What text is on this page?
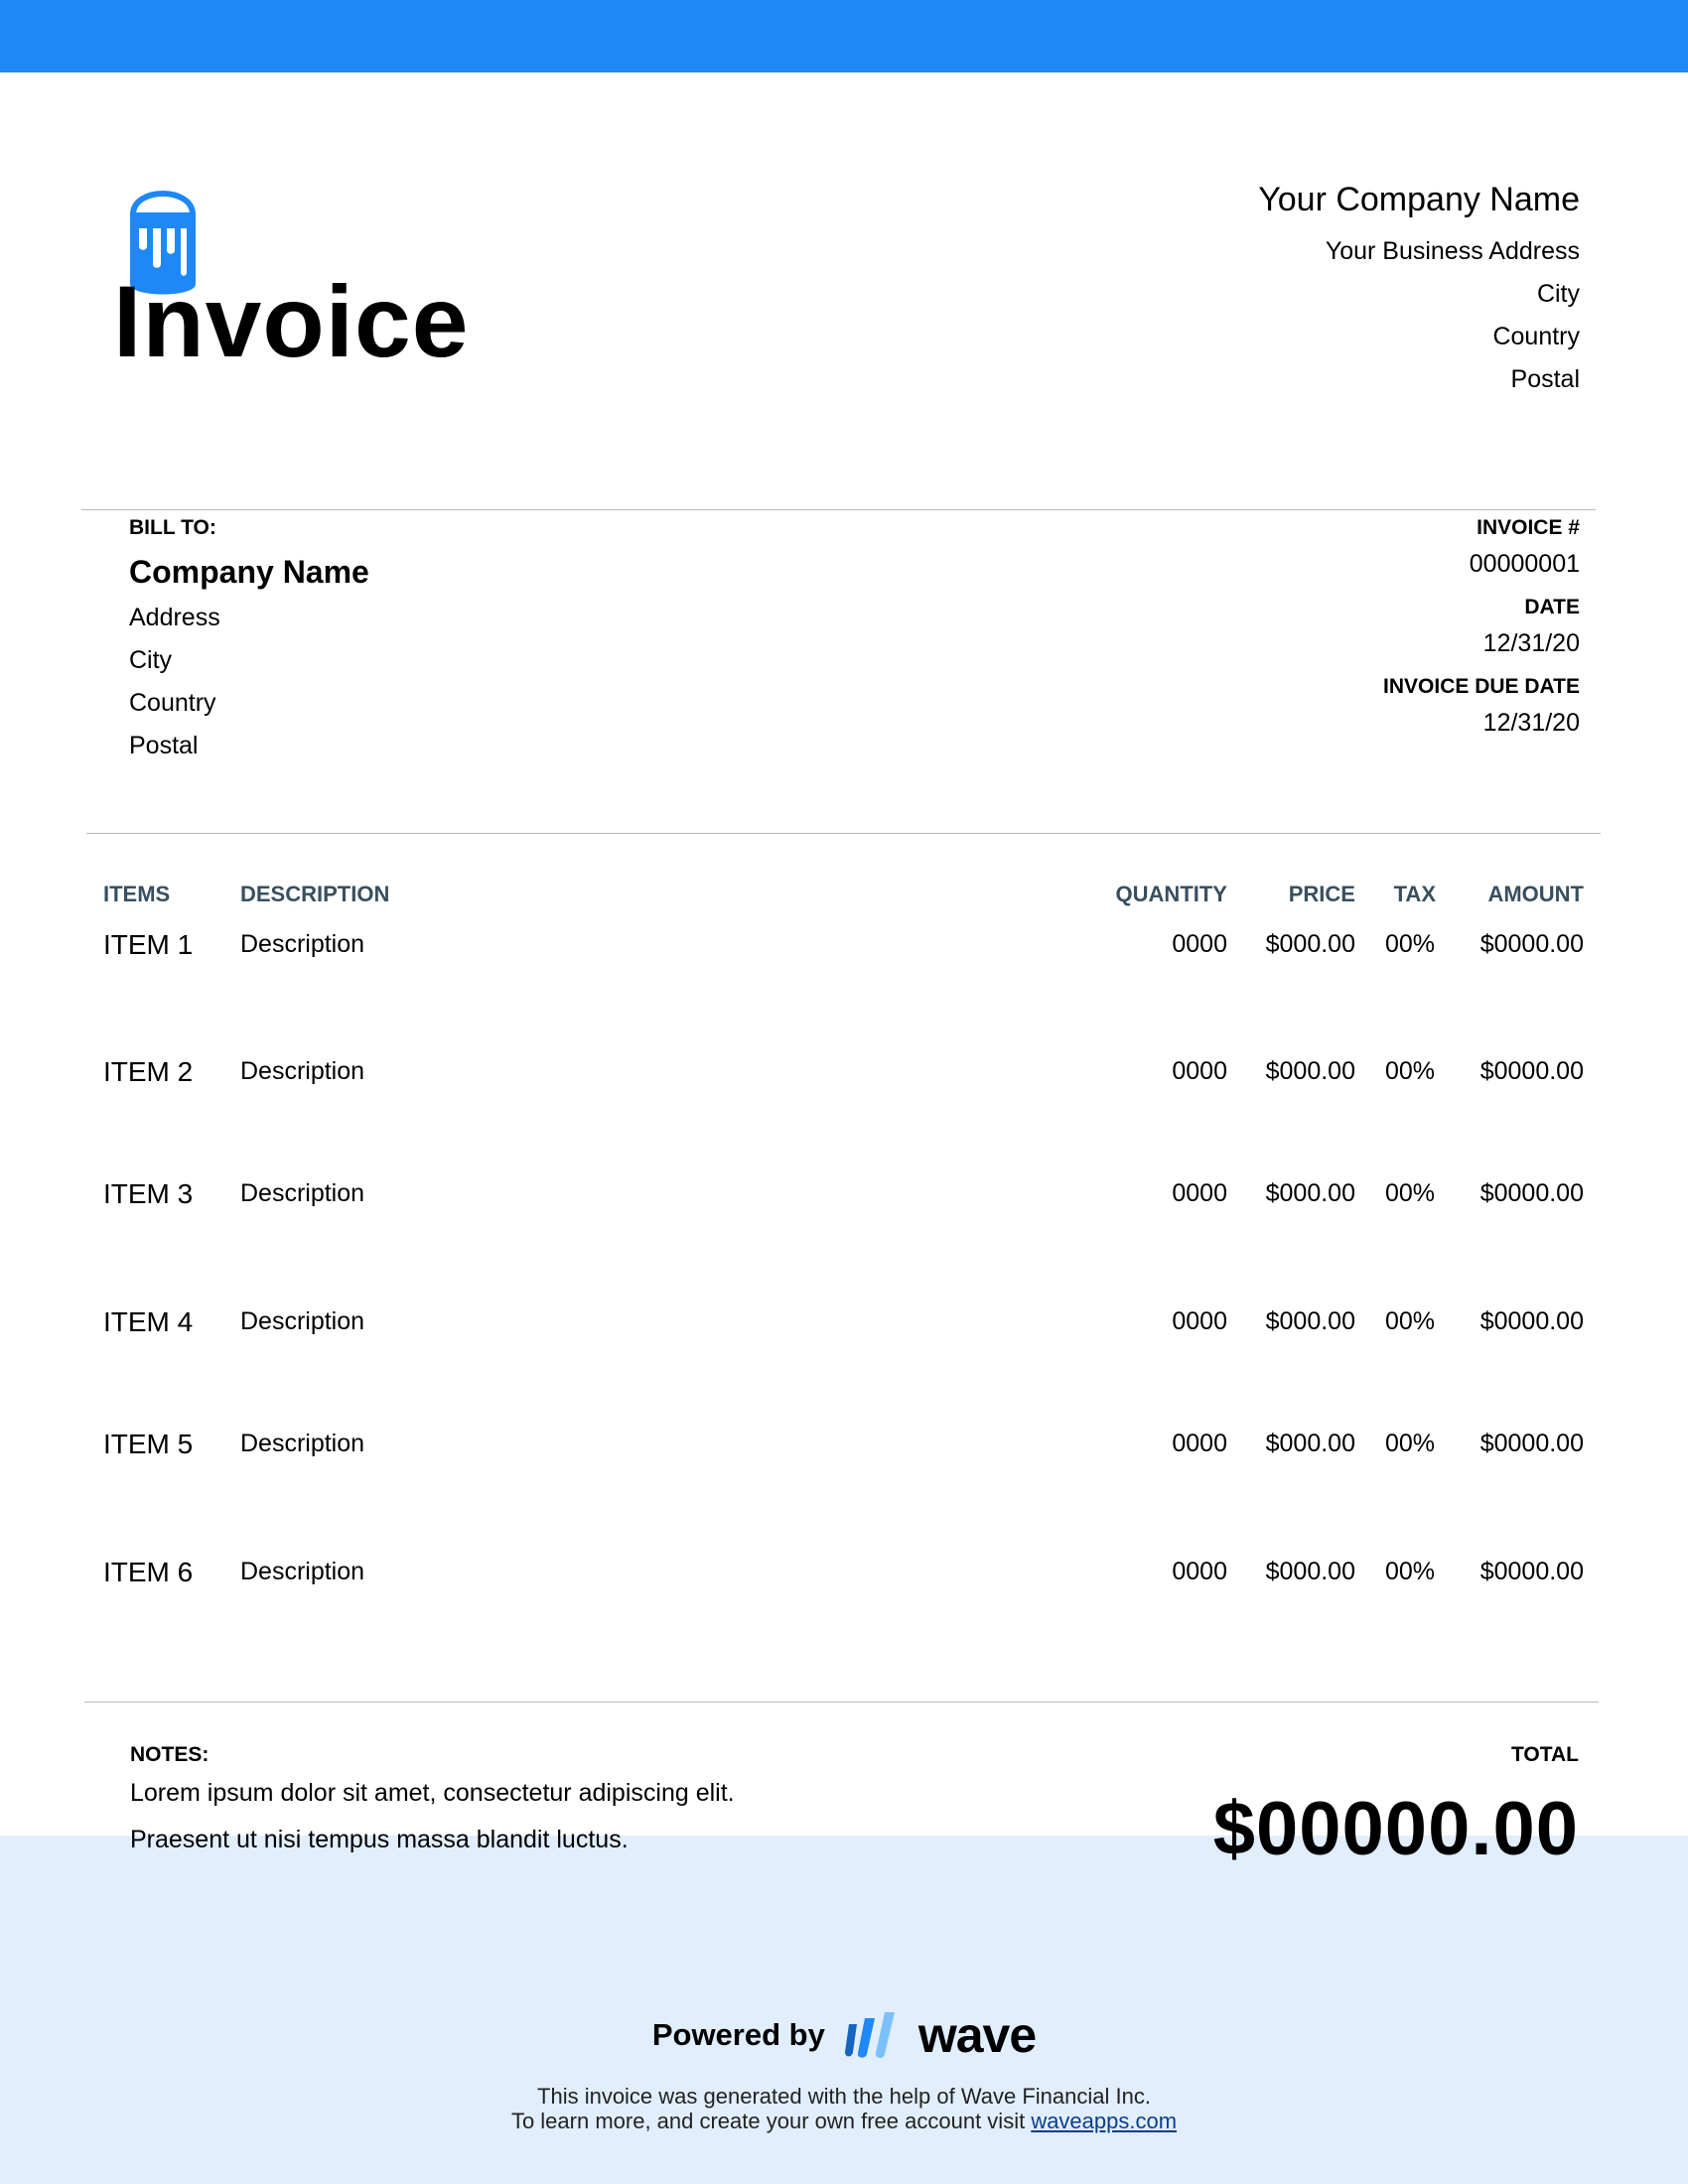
Invoice
Your Company Name
Your Business Address
City
Country
Postal
BILL TO:
Company Name
Address
City
Country
Postal
INVOICE #
00000001
DATE
12/31/20
INVOICE DUE DATE
12/31/20
ITEMS	DESCRIPTION	QUANTITY	PRICE TAX AMOUNT
ITEM 1 Description	0000 $000.00 00% $0000.00
ITEM 2 Description	0000 $000.00 00% $0000.00
ITEM 3 Description	0000 $000.00 00% $0000.00
ITEM 4 Description	0000 $000.00 00% $0000.00
ITEM 5 Description	0000 $000.00 00% $0000.00
ITEM 6 Description	0000 $000.00 00% $0000.00
NOTES:
Lorem ipsum dolor sit amet, consectetur adipiscing elit.
Praesent ut nisi tempus massa blandit luctus.
TOTAL
$00000.00
Powered by wave
This invoice was generated with the help of Wave Financial Inc.
To learn more, and create your own free account visit waveapps.com
